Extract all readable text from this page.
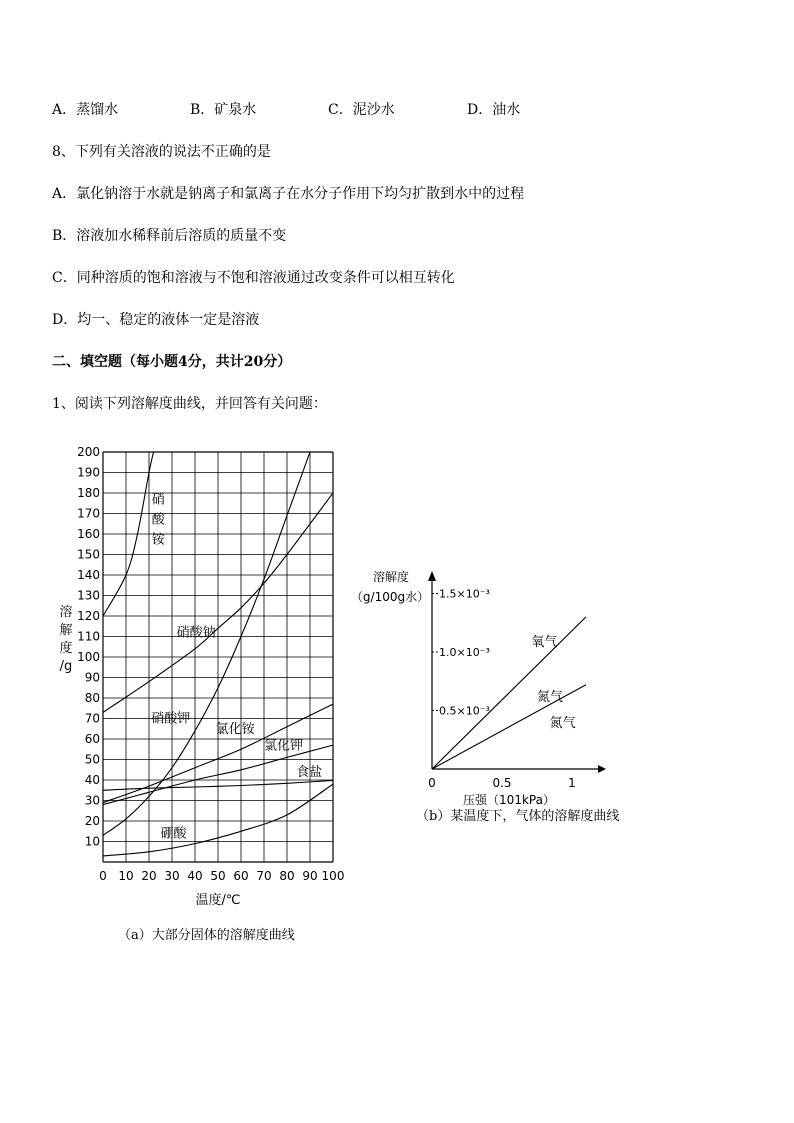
A．蒸馏水	B．矿泉水	C．泥沙水	D．油水
8、下列有关溶液的说法不正确的是
A．氯化钠溶于水就是钠离子和氯离子在水分子作用下均匀扩散到水中的过程
B．溶液加水稀释前后溶质的质量不变
C．同种溶质的饱和溶液与不饱和溶液通过改变条件可以相互转化
D．均一、稳定的液体一定是溶液
二、填空题（每小题4分，共计20分）
1、阅读下列溶解度曲线，并回答有关问题：
0 10 20 30 40 50 60 70 80 90 100
10
20
30
40
50
60
70
80
90
100
110
120
130
140
150
160
170
180
190
200
溶
解
度
/g
温度/℃
硝
酸
铵
硝酸钠
硝酸钾
氯化铵
氯化钾
食盐
硼酸
（a）大部分固体的溶解度曲线
溶解度
（g/100g水）
0.5×10⁻³
1.0×10⁻³
1.5×10⁻³
0	0.5	1
压强（101kPa）
氧气
氮气
氮气
（b）某温度下，气体的溶解度曲线
